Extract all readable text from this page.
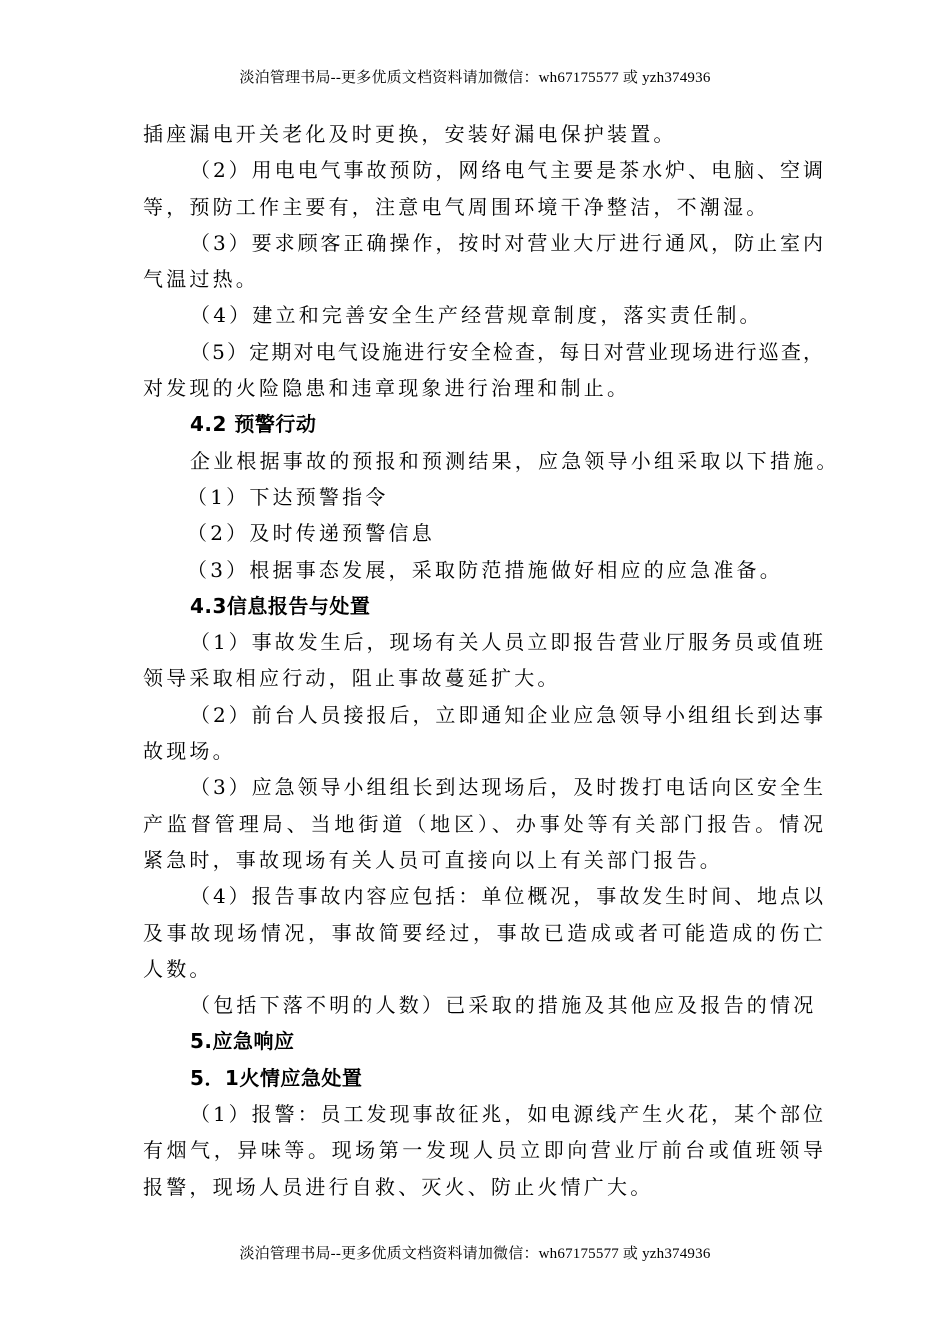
淡泊管理书局--更多优质文档资料请加微信：wh67175577 或 yzh374936
插座漏电开关老化及时更换，安装好漏电保护装置。
（2）用电电气事故预防，网络电气主要是茶水炉、电脑、空调
等，预防工作主要有，注意电气周围环境干净整洁，不潮湿。
（3）要求顾客正确操作，按时对营业大厅进行通风，防止室内
气温过热。
（4）建立和完善安全生产经营规章制度，落实责任制。
（5）定期对电气设施进行安全检查，每日对营业现场进行巡查，
对发现的火险隐患和违章现象进行治理和制止。
4.2 预警行动
企业根据事故的预报和预测结果，应急领导小组采取以下措施。
（1）下达预警指令
（2）及时传递预警信息
（3）根据事态发展，采取防范措施做好相应的应急准备。
4.3信息报告与处置
（1）事故发生后，现场有关人员立即报告营业厅服务员或值班
领导采取相应行动，阻止事故蔓延扩大。
（2）前台人员接报后，立即通知企业应急领导小组组长到达事
故现场。
（3）应急领导小组组长到达现场后，及时拨打电话向区安全生
产监督管理局、当地街道（地区）、办事处等有关部门报告。情况
紧急时，事故现场有关人员可直接向以上有关部门报告。
（4）报告事故内容应包括：单位概况，事故发生时间、地点以
及事故现场情况，事故简要经过，事故已造成或者可能造成的伤亡
人数。
（包括下落不明的人数）已采取的措施及其他应及报告的情况
5.应急响应
5．1火情应急处置
（1）报警：员工发现事故征兆，如电源线产生火花，某个部位
有烟气，异味等。现场第一发现人员立即向营业厅前台或值班领导
报警，现场人员进行自救、灭火、防止火情广大。
淡泊管理书局--更多优质文档资料请加微信：wh67175577 或 yzh374936
